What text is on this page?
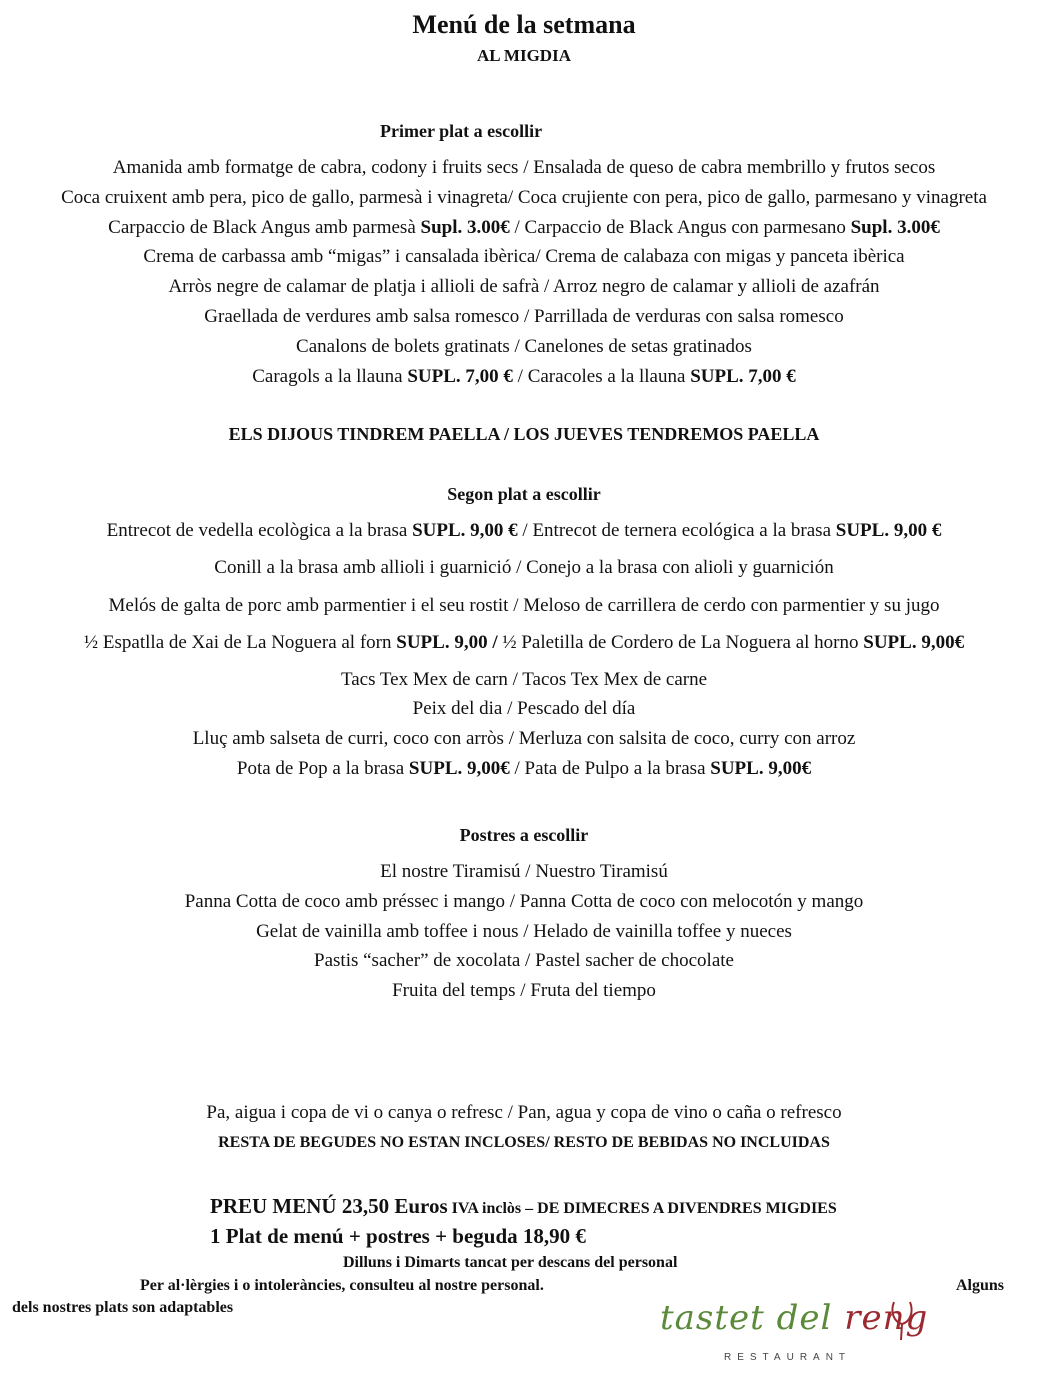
Menú de la setmana
AL MIGDIA
Primer plat a escollir
Amanida amb formatge de cabra, codony i fruits secs / Ensalada de queso de cabra membrillo y frutos secos
Coca cruixent amb pera, pico de gallo, parmesà i vinagreta/ Coca crujiente con pera, pico de gallo, parmesano y vinagreta
Carpaccio de Black Angus amb parmesà Supl. 3.00€ / Carpaccio de Black Angus con parmesano Supl. 3.00€
Crema de carbassa amb “migas” i cansalada ibèrica/ Crema de calabaza con migas y panceta ibèrica
Arròs negre de calamar de platja i allioli de safrà / Arroz negro de calamar y allioli de azafrán
Graellada de verdures amb salsa romesco / Parrillada de verduras con salsa romesco
Canalons de bolets gratinats / Canelones de setas gratinados
Caragols a la llauna SUPL. 7,00 € / Caracoles a la llauna SUPL. 7,00 €
ELS DIJOUS TINDREM PAELLA / LOS JUEVES TENDREMOS PAELLA
Segon plat a escollir
Entrecot de vedella ecològica a la brasa SUPL. 9,00 € / Entrecot de ternera ecológica a la brasa SUPL. 9,00 €
Conill a la brasa amb allioli i guarnició / Conejo a la brasa con alioli y guarnición
Melós de galta de porc amb parmentier i el seu rostit / Meloso de carrillera de cerdo con parmentier y su jugo
½ Espatlla de Xai de La Noguera al forn SUPL. 9,00 / ½ Paletilla de Cordero de La Noguera al horno SUPL. 9,00€
Tacs Tex Mex de carn / Tacos Tex Mex de carne
Peix del dia / Pescado del día
Lluç amb salseta de curri, coco con arròs / Merluza con salsita de coco, curry con arroz
Pota de Pop a la brasa SUPL. 9,00€ / Pata de Pulpo a la brasa SUPL. 9,00€
Postres a escollir
El nostre Tiramisú / Nuestro Tiramisú
Panna Cotta de coco amb préssec i mango / Panna Cotta de coco con melocotón y mango
Gelat de vainilla amb toffee i nous / Helado de vainilla toffee y nueces
Pastis “sacher” de xocolata / Pastel sacher de chocolate
Fruita del temps / Fruta del tiempo
Pa, aigua i copa de vi o canya o refresc / Pan, agua y copa de vino o caña o refresco
RESTA DE BEGUDES NO ESTAN INCLOSES/ RESTO DE BEBIDAS NO INCLUIDAS
PREU MENÚ 23,50 Euros IVA inclòs – DE DIMECRES A DIVENDRES MIGDIES
1 Plat de menú + postres + beguda 18,90 €
Dilluns i Dimarts tancat per descans del personal
Per al·lèrgies i o intoleràncies, consulteu al nostre personal.	Alguns
dels nostres plats son adaptables	tastet del reng
RESTAURANT
